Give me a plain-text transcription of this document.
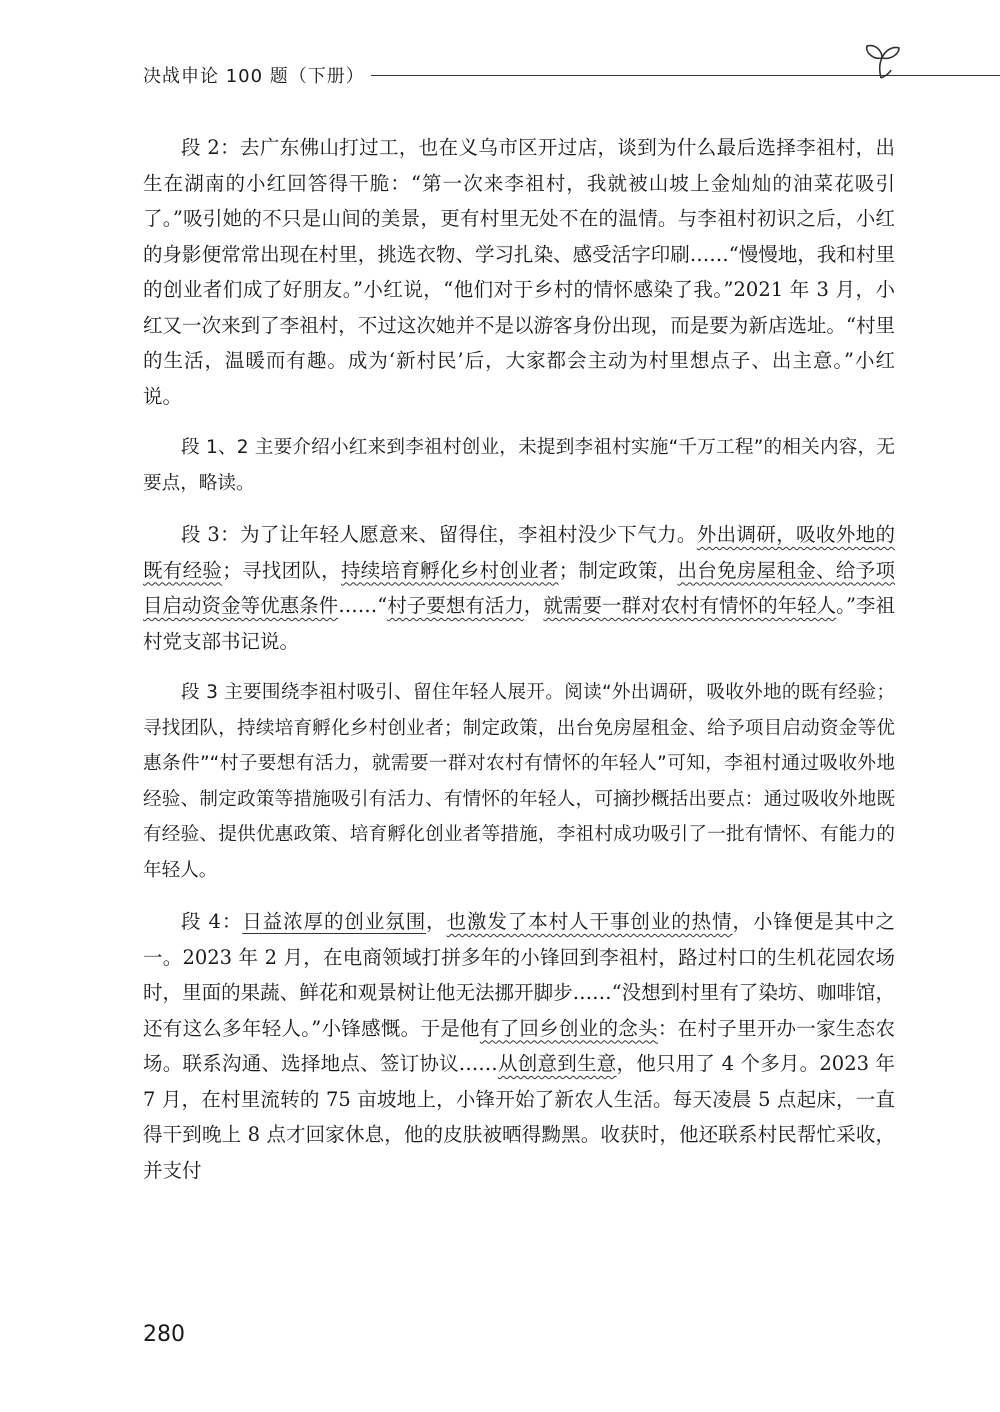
决战申论 100 题（下册）
段 2：去广东佛山打过工，也在义乌市区开过店，谈到为什么最后选择李祖村，出生在湖南的小红回答得干脆：“第一次来李祖村，我就被山坡上金灿灿的油菜花吸引了。”吸引她的不只是山间的美景，更有村里无处不在的温情。与李祖村初识之后，小红的身影便常常出现在村里，挑选衣物、学习扎染、感受活字印刷……“慢慢地，我和村里的创业者们成了好朋友。”小红说，“他们对于乡村的情怀感染了我。”2021 年 3 月，小红又一次来到了李祖村，不过这次她并不是以游客身份出现，而是要为新店选址。“村里的生活，温暖而有趣。成为‘新村民’后，大家都会主动为村里想点子、出主意。”小红说。
段 1、2 主要介绍小红来到李祖村创业，未提到李祖村实施“千万工程”的相关内容，无要点，略读。
段 3：为了让年轻人愿意来、留得住，李祖村没少下气力。外出调研，吸收外地的既有经验；寻找团队，持续培育孵化乡村创业者；制定政策，出台免房屋租金、给予项目启动资金等优惠条件……“村子要想有活力，就需要一群对农村有情怀的年轻人。”李祖村党支部书记说。
段 3 主要围绕李祖村吸引、留住年轻人展开。阅读“外出调研，吸收外地的既有经验；寻找团队，持续培育孵化乡村创业者；制定政策，出台免房屋租金、给予项目启动资金等优惠条件”“村子要想有活力，就需要一群对农村有情怀的年轻人”可知，李祖村通过吸收外地经验、制定政策等措施吸引有活力、有情怀的年轻人，可摘抄概括出要点：通过吸收外地既有经验、提供优惠政策、培育孵化创业者等措施，李祖村成功吸引了一批有情怀、有能力的年轻人。
段 4：日益浓厚的创业氛围，也激发了本村人干事创业的热情，小锋便是其中之一。2023 年 2 月，在电商领域打拼多年的小锋回到李祖村，路过村口的生机花园农场时，里面的果蔬、鲜花和观景树让他无法挪开脚步……“没想到村里有了染坊、咖啡馆，还有这么多年轻人。”小锋感慨。于是他有了回乡创业的念头：在村子里开办一家生态农场。联系沟通、选择地点、签订协议……从创意到生意，他只用了 4 个多月。2023 年 7 月，在村里流转的 75 亩坡地上，小锋开始了新农人生活。每天凌晨 5 点起床，一直得干到晚上 8 点才回家休息，他的皮肤被晒得黝黑。收获时，他还联系村民帮忙采收，并支付
280
